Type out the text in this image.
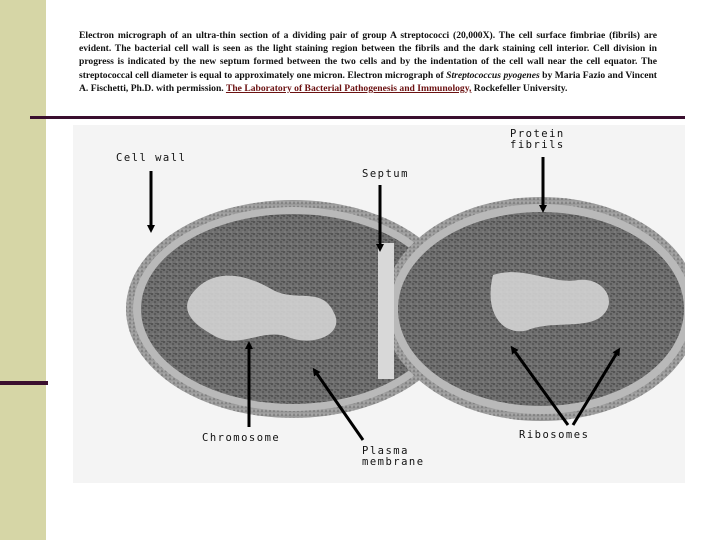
Electron micrograph of an ultra-thin section of a dividing pair of group A streptococci (20,000X). The cell surface fimbriae (fibrils) are evident. The bacterial cell wall is seen as the light staining region between the fibrils and the dark staining cell interior. Cell division in progress is indicated by the new septum formed between the two cells and by the indentation of the cell wall near the cell equator. The streptococcal cell diameter is equal to approximately one micron. Electron micrograph of Streptococcus pyogenes by Maria Fazio and Vincent A. Fischetti, Ph.D. with permission. The Laboratory of Bacterial Pathogenesis and Immunology, Rockefeller University.
Cell wall
Septum
Protein
fibrils
Chromosome
Plasma
membrane
Ribosomes
